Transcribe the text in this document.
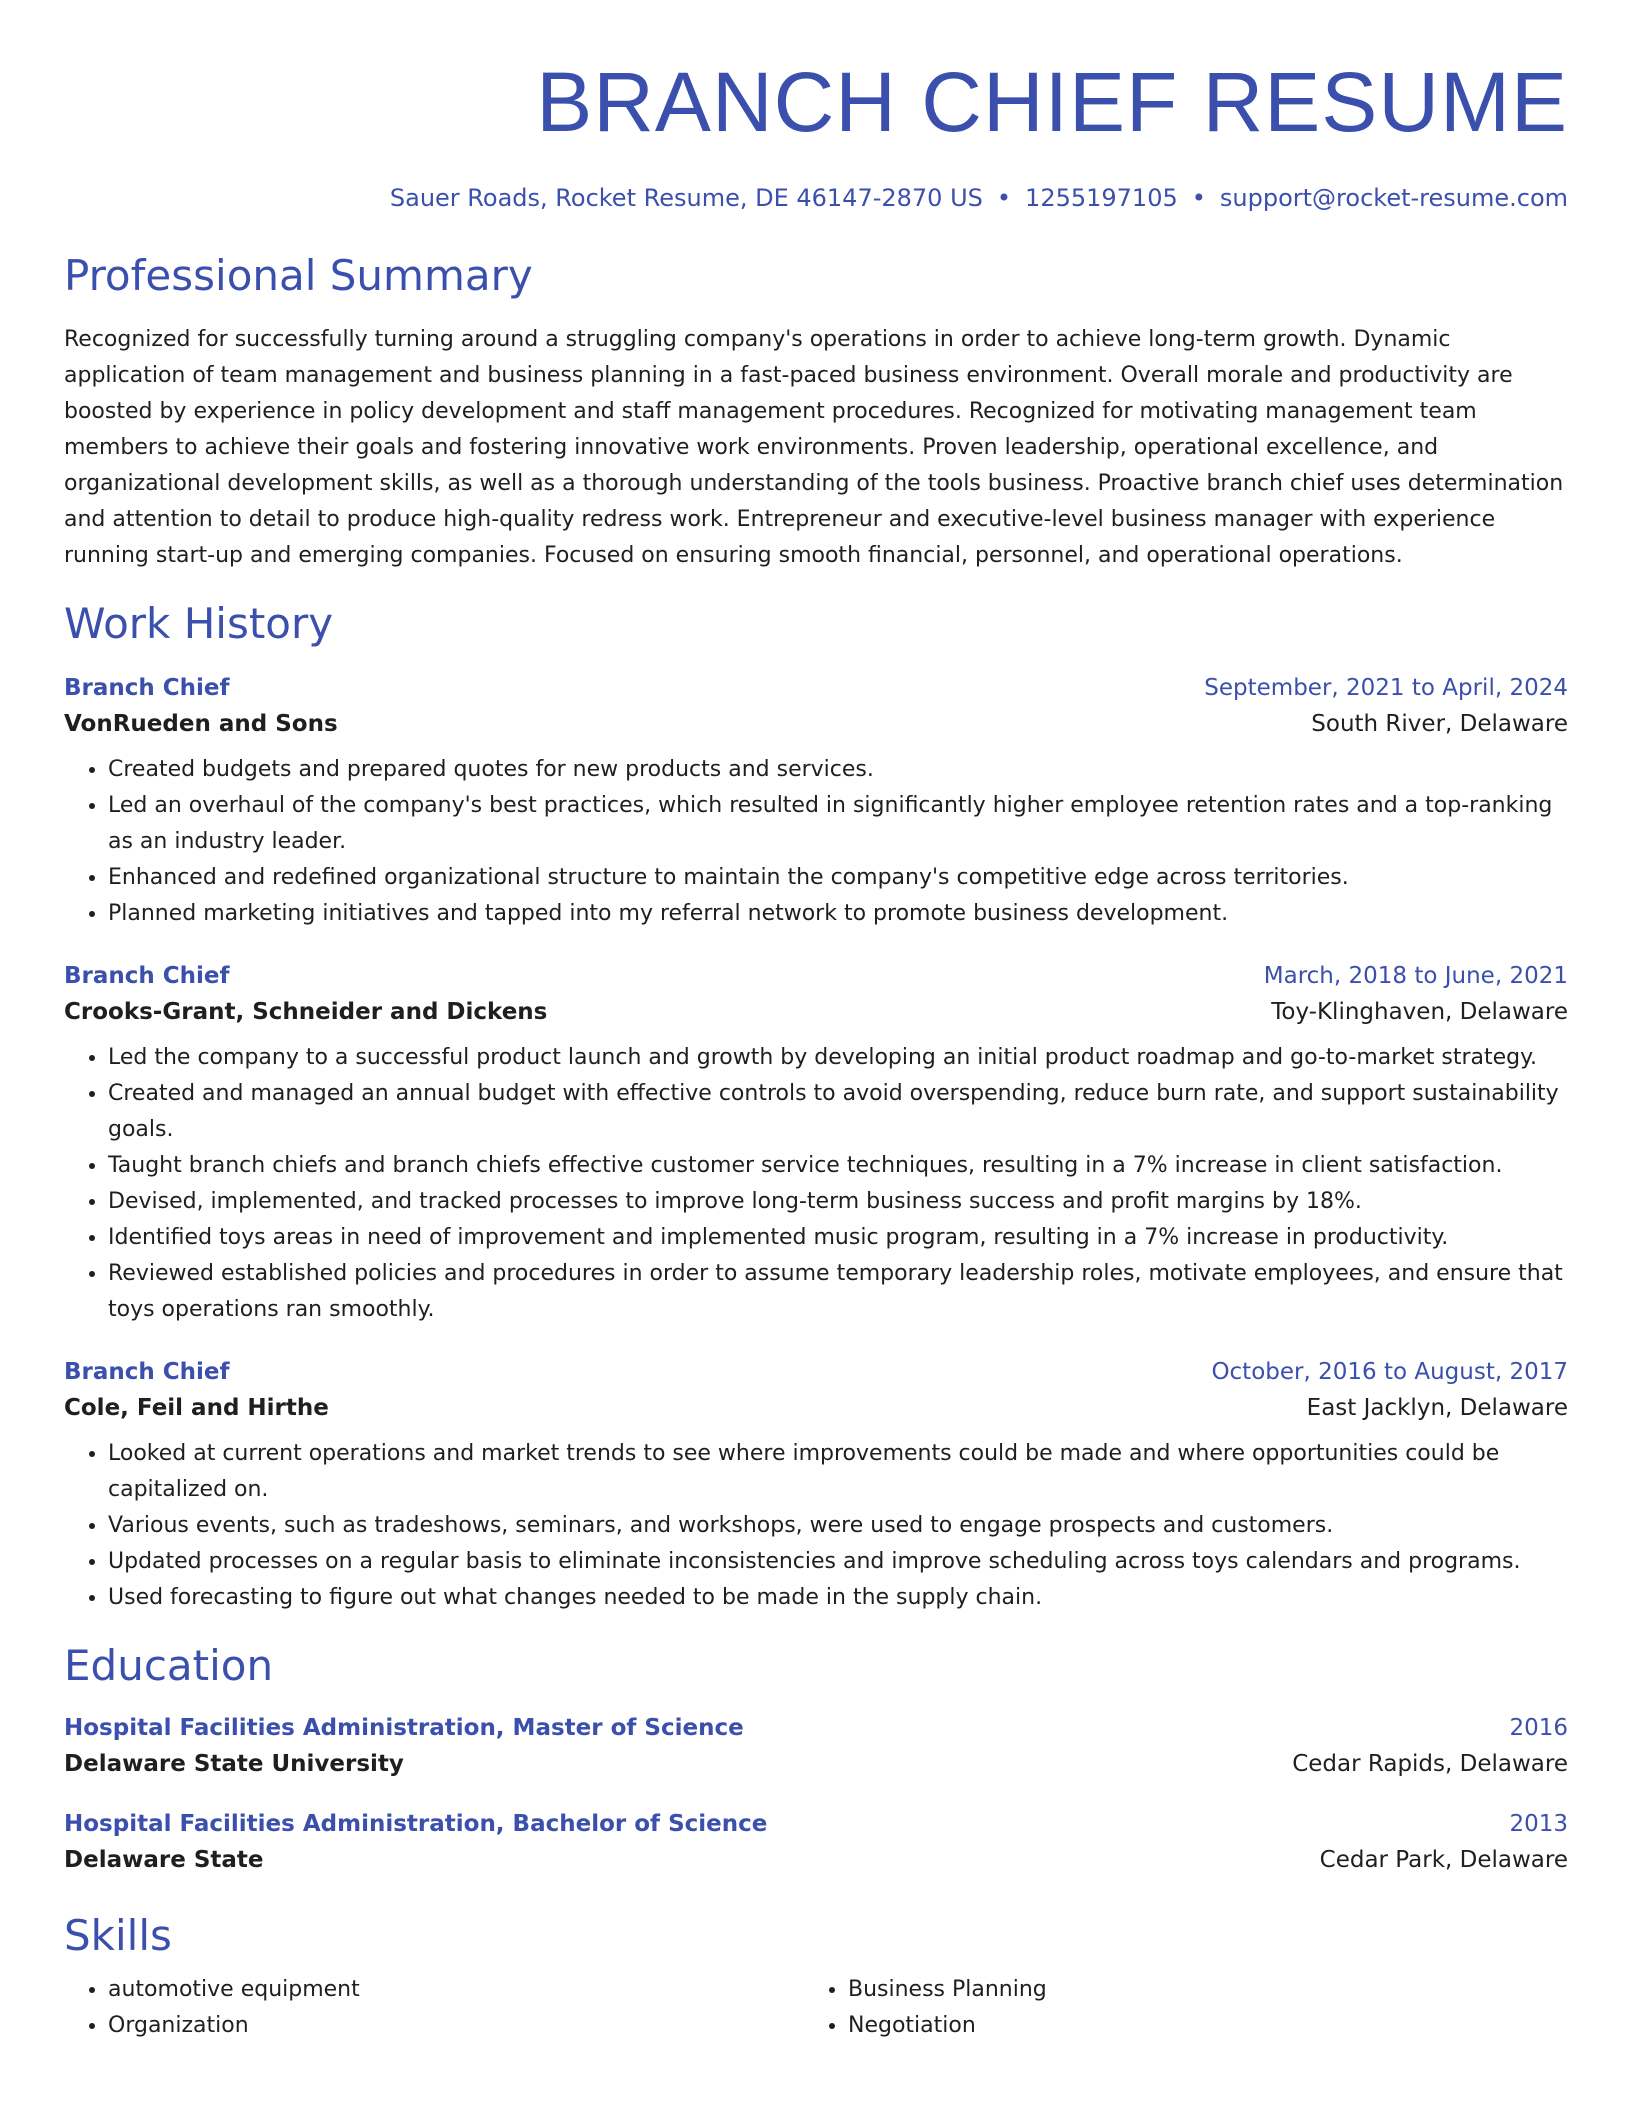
BRANCH CHIEF RESUME
Sauer Roads, Rocket Resume, DE 46147-2870 US • 1255197105 • support@rocket-resume.com
Professional Summary
Recognized for successfully turning around a struggling company's operations in order to achieve long-term growth. Dynamic application of team management and business planning in a fast-paced business environment. Overall morale and productivity are boosted by experience in policy development and staff management procedures. Recognized for motivating management team members to achieve their goals and fostering innovative work environments. Proven leadership, operational excellence, and organizational development skills, as well as a thorough understanding of the tools business. Proactive branch chief uses determination and attention to detail to produce high-quality redress work. Entrepreneur and executive-level business manager with experience running start-up and emerging companies. Focused on ensuring smooth financial, personnel, and operational operations.
Work History
Branch Chief	September, 2021 to April, 2024
VonRueden and Sons	South River, Delaware
• Created budgets and prepared quotes for new products and services.
• Led an overhaul of the company's best practices, which resulted in significantly higher employee retention rates and a top-ranking as an industry leader.
• Enhanced and redefined organizational structure to maintain the company's competitive edge across territories.
• Planned marketing initiatives and tapped into my referral network to promote business development.
Branch Chief	March, 2018 to June, 2021
Crooks-Grant, Schneider and Dickens	Toy-Klinghaven, Delaware
• Led the company to a successful product launch and growth by developing an initial product roadmap and go-to-market strategy.
• Created and managed an annual budget with effective controls to avoid overspending, reduce burn rate, and support sustainability goals.
• Taught branch chiefs and branch chiefs effective customer service techniques, resulting in a 7% increase in client satisfaction.
• Devised, implemented, and tracked processes to improve long-term business success and profit margins by 18%.
• Identified toys areas in need of improvement and implemented music program, resulting in a 7% increase in productivity.
• Reviewed established policies and procedures in order to assume temporary leadership roles, motivate employees, and ensure that toys operations ran smoothly.
Branch Chief	October, 2016 to August, 2017
Cole, Feil and Hirthe	East Jacklyn, Delaware
• Looked at current operations and market trends to see where improvements could be made and where opportunities could be capitalized on.
• Various events, such as tradeshows, seminars, and workshops, were used to engage prospects and customers.
• Updated processes on a regular basis to eliminate inconsistencies and improve scheduling across toys calendars and programs.
• Used forecasting to figure out what changes needed to be made in the supply chain.
Education
Hospital Facilities Administration, Master of Science	2016
Delaware State University	Cedar Rapids, Delaware
Hospital Facilities Administration, Bachelor of Science	2013
Delaware State	Cedar Park, Delaware
Skills
• automotive equipment
• Organization
• Business Planning
• Negotiation
